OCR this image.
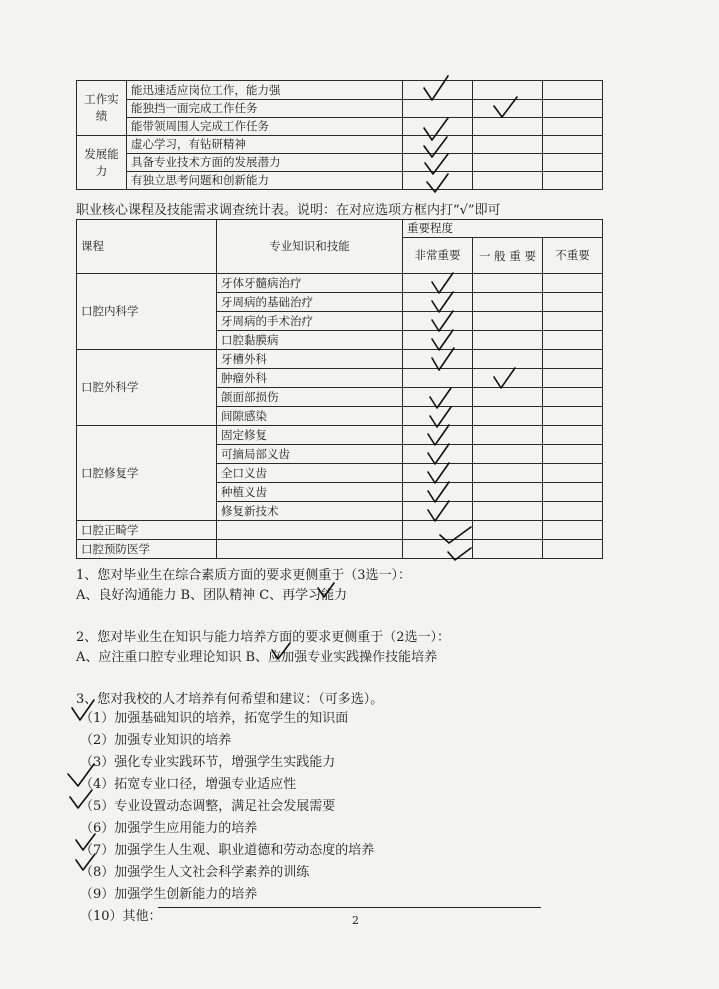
工作实绩	能迅速适应岗位工作，能力强			
	能独挡一面完成工作任务			
	能带领周围人完成工作任务			
发展能力	虚心学习，有钻研精神			
	具备专业技术方面的发展潜力			
	有独立思考问题和创新能力			
职业核心课程及技能需求调查统计表。说明：在对应选项方框内打“√”即可
课程	专业知识和技能	重要程度		
		非常重要	一 般 重 要	不重要
口腔内科学	牙体牙髓病治疗			
	牙周病的基础治疗			
	牙周病的手术治疗			
	口腔黏膜病			
口腔外科学	牙槽外科			
	肿瘤外科			
	颌面部损伤			
	间隙感染			
口腔修复学	固定修复			
	可摘局部义齿			
	全口义齿			
	种植义齿			
	修复新技术			
口腔正畸学				
口腔预防医学				
1、您对毕业生在综合素质方面的要求更侧重于（3选一）：
A、良好沟通能力 B、团队精神 C、再学习能力
2、您对毕业生在知识与能力培养方面的要求更侧重于（2选一）：
A、应注重口腔专业理论知识 B、应加强专业实践操作技能培养
3、您对我校的人才培养有何希望和建议：（可多选）。
（1）加强基础知识的培养，拓宽学生的知识面
（2）加强专业知识的培养
（3）强化专业实践环节，增强学生实践能力
（4）拓宽专业口径，增强专业适应性
（5）专业设置动态调整，满足社会发展需要
（6）加强学生应用能力的培养
（7）加强学生人生观、职业道德和劳动态度的培养
（8）加强学生人文社会科学素养的训练
（9）加强学生创新能力的培养
（10）其他：	2
